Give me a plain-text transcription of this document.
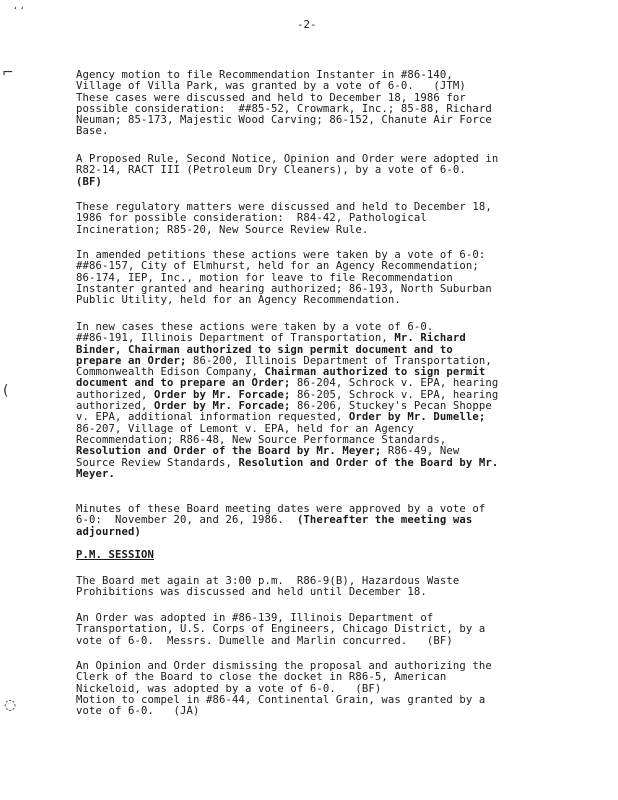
ʻ ʻ
⌐
(
◌
-2-
Agency motion to file Recommendation Instanter in #86-140,
Village of Villa Park, was granted by a vote of 6-0.   (JTM)
These cases were discussed and held to December 18, 1986 for
possible consideration:  ##85-52, Crowmark, Inc.; 85-88, Richard
Neuman; 85-173, Majestic Wood Carving; 86-152, Chanute Air Force
Base.
A Proposed Rule, Second Notice, Opinion and Order were adopted in
R82-14, RACT III (Petroleum Dry Cleaners), by a vote of 6-0.
(BF)
These regulatory matters were discussed and held to December 18,
1986 for possible consideration:  R84-42, Pathological
Incineration; R85-20, New Source Review Rule.
In amended petitions these actions were taken by a vote of 6-0:
##86-157, City of Elmhurst, held for an Agency Recommendation;
86-174, IEP, Inc., motion for leave to file Recommendation
Instanter granted and hearing authorized; 86-193, North Suburban
Public Utility, held for an Agency Recommendation.
In new cases these actions were taken by a vote of 6-0.
##86-191, Illinois Department of Transportation, Mr. Richard
Binder, Chairman authorized to sign permit document and to
prepare an Order; 86-200, Illinois Department of Transportation,
Commonwealth Edison Company, Chairman authorized to sign permit
document and to prepare an Order; 86-204, Schrock v. EPA, hearing
authorized, Order by Mr. Forcade; 86-205, Schrock v. EPA, hearing
authorized, Order by Mr. Forcade; 86-206, Stuckey's Pecan Shoppe
v. EPA, additional information requested, Order by Mr. Dumelle;
86-207, Village of Lemont v. EPA, held for an Agency
Recommendation; R86-48, New Source Performance Standards,
Resolution and Order of the Board by Mr. Meyer; R86-49, New
Source Review Standards, Resolution and Order of the Board by Mr.
Meyer.
Minutes of these Board meeting dates were approved by a vote of
6-0:  November 20, and 26, 1986.  (Thereafter the meeting was
adjourned)
P.M. SESSION
The Board met again at 3:00 p.m.  R86-9(B), Hazardous Waste
Prohibitions was discussed and held until December 18.
An Order was adopted in #86-139, Illinois Department of
Transportation, U.S. Corps of Engineers, Chicago District, by a
vote of 6-0.  Messrs. Dumelle and Marlin concurred.   (BF)
An Opinion and Order dismissing the proposal and authorizing the
Clerk of the Board to close the docket in R86-5, American
Nickeloid, was adopted by a vote of 6-0.   (BF)
Motion to compel in #86-44, Continental Grain, was granted by a
vote of 6-0.   (JA)
